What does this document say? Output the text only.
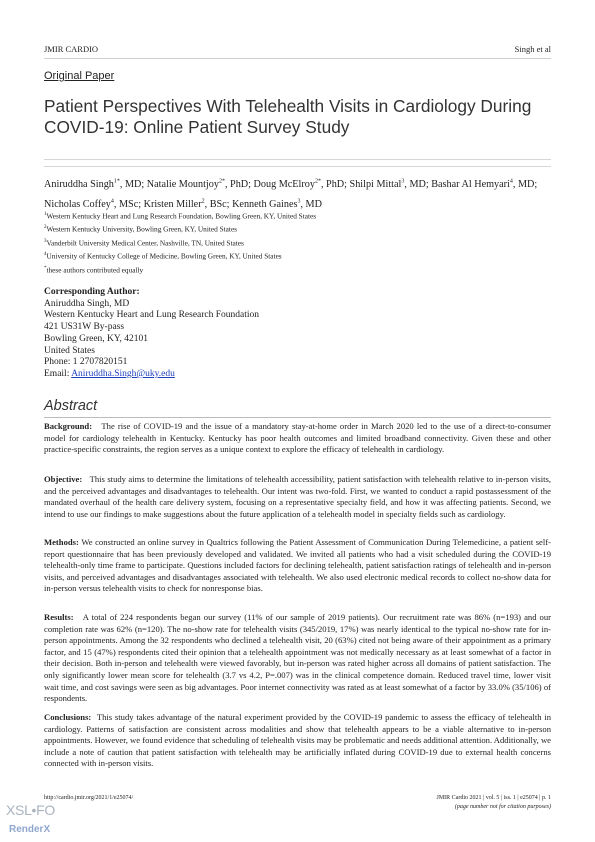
JMIR CARDIO	Singh et al
Original Paper
Patient Perspectives With Telehealth Visits in Cardiology During COVID-19: Online Patient Survey Study
Aniruddha Singh$^{1*}$, MD; Natalie Mountjoy$^{2*}$, PhD; Doug McElroy$^{2*}$, PhD; Shilpi Mittal$^3$, MD; Bashar Al Hemyari$^4$, MD; Nicholas Coffey$^4$, MSc; Kristen Miller$^2$, BSc; Kenneth Gaines$^3$, MD
$^1$Western Kentucky Heart and Lung Research Foundation, Bowling Green, KY, United States
$^2$Western Kentucky University, Bowling Green, KY, United States
$^3$Vanderbilt University Medical Center, Nashville, TN, United States
$^4$University of Kentucky College of Medicine, Bowling Green, KY, United States
*these authors contributed equally
Corresponding Author:
Aniruddha Singh, MD
Western Kentucky Heart and Lung Research Foundation
421 US31W By-pass
Bowling Green, KY, 42101
United States
Phone: 1 2707820151
Email: Aniruddha.Singh@uky.edu
Abstract
Background: The rise of COVID-19 and the issue of a mandatory stay-at-home order in March 2020 led to the use of a direct-to-consumer model for cardiology telehealth in Kentucky. Kentucky has poor health outcomes and limited broadband connectivity. Given these and other practice-specific constraints, the region serves as a unique context to explore the efficacy of telehealth in cardiology.
Objective: This study aims to determine the limitations of telehealth accessibility, patient satisfaction with telehealth relative to in-person visits, and the perceived advantages and disadvantages to telehealth. Our intent was two-fold. First, we wanted to conduct a rapid postassessment of the mandated overhaul of the health care delivery system, focusing on a representative specialty field, and how it was affecting patients. Second, we intend to use our findings to make suggestions about the future application of a telehealth model in specialty fields such as cardiology.
Methods: We constructed an online survey in Qualtrics following the Patient Assessment of Communication During Telemedicine, a patient self-report questionnaire that has been previously developed and validated. We invited all patients who had a visit scheduled during the COVID-19 telehealth-only time frame to participate. Questions included factors for declining telehealth, patient satisfaction ratings of telehealth and in-person visits, and perceived advantages and disadvantages associated with telehealth. We also used electronic medical records to collect no-show data for in-person versus telehealth visits to check for nonresponse bias.
Results: A total of 224 respondents began our survey (11% of our sample of 2019 patients). Our recruitment rate was 86% (n=193) and our completion rate was 62% (n=120). The no-show rate for telehealth visits (345/2019, 17%) was nearly identical to the typical no-show rate for in-person appointments. Among the 32 respondents who declined a telehealth visit, 20 (63%) cited not being aware of their appointment as a primary factor, and 15 (47%) respondents cited their opinion that a telehealth appointment was not medically necessary as at least somewhat of a factor in their decision. Both in-person and telehealth were viewed favorably, but in-person was rated higher across all domains of patient satisfaction. The only significantly lower mean score for telehealth (3.7 vs 4.2, P=.007) was in the clinical competence domain. Reduced travel time, lower visit wait time, and cost savings were seen as big advantages. Poor internet connectivity was rated as at least somewhat of a factor by 33.0% (35/106) of respondents.
Conclusions: This study takes advantage of the natural experiment provided by the COVID-19 pandemic to assess the efficacy of telehealth in cardiology. Patterns of satisfaction are consistent across modalities and show that telehealth appears to be a viable alternative to in-person appointments. However, we found evidence that scheduling of telehealth visits may be problematic and needs additional attention. Additionally, we include a note of caution that patient satisfaction with telehealth may be artificially inflated during COVID-19 due to external health concerns connected with in-person visits.
http://cardio.jmir.org/2021/1/e25074/	JMIR Cardio 2021 | vol. 5 | iss. 1 | e25074 | p. 1
(page number not for citation purposes)
XSL•FO
RenderX
